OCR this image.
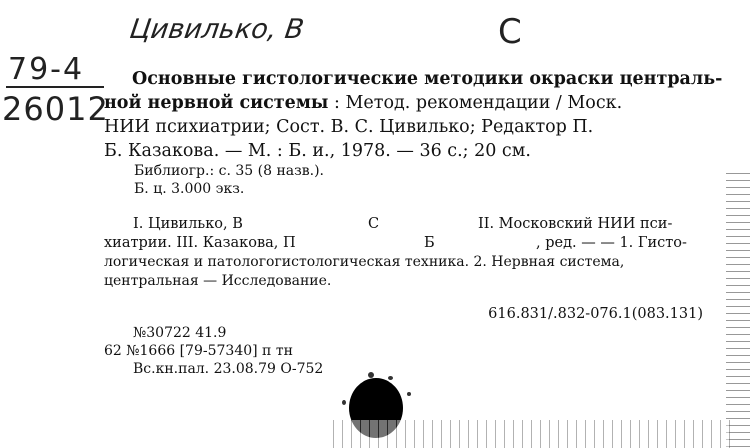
Цивилько, В	С
79-4
26012
Основные гистологические методики окраски централь-
ной нервной системы : Метод. рекомендации / Моск.
НИИ психиатрии; Сост. В. С. Цивилько; Редактор П.
Б. Казакова. — М. : Б. и., 1978. — 36 с.; 20 см.
Библиогр.: с. 35 (8 назв.).
Б. ц. 3.000 экз.
I. Цивилько, В	С	II. Московский НИИ пси-
хиатрии. III. Казакова, П	Б	, ред. — — 1. Гисто-
логическая и патологогистологическая техника. 2. Нервная система,
центральная — Исследование.
616.831/.832-076.1(083.131)
№30722 41.9
62 №1666 [79-57340] п тн
Вс.кн.пал. 23.08.79 О-752
